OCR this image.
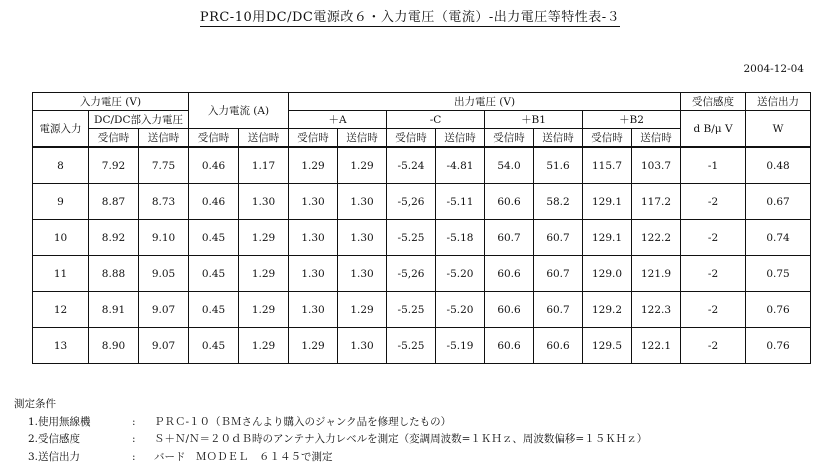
PRC-10用DC/DC電源改６・入力電圧（電流）-出力電圧等特性表-３
2004-12-04
入力電圧 (V)			入力電流 (A)		出力電圧 (V)								受信感度	送信出力
電源入力	DC/DC部入力電圧				＋A		-C		＋B1		＋B2		d B/μ V	W
	受信時	送信時	受信時	送信時	受信時	送信時	受信時	送信時	受信時	送信時	受信時	送信時		
8	7.92	7.75	0.46	1.17	1.29	1.29	-5.24	-4.81	54.0	51.6	115.7	103.7	-1	0.48
9	8.87	8.73	0.46	1.30	1.30	1.30	-5,26	-5.11	60.6	58.2	129.1	117.2	-2	0.67
10	8.92	9.10	0.45	1.29	1.30	1.30	-5.25	-5.18	60.7	60.7	129.1	122.2	-2	0.74
11	8.88	9.05	0.45	1.29	1.30	1.30	-5,26	-5.20	60.6	60.7	129.0	121.9	-2	0.75
12	8.91	9.07	0.45	1.29	1.30	1.29	-5.25	-5.20	60.6	60.7	129.2	122.3	-2	0.76
13	8.90	9.07	0.45	1.29	1.29	1.30	-5.25	-5.19	60.6	60.6	129.5	122.1	-2	0.76
測定条件
1.使用無線機	: ＰＲＣ-１０（ＢＭさんより購入のジャンク品を修理したもの）
2.受信感度	: Ｓ＋Ｎ/Ｎ＝２０ｄＢ時のアンテナ入力レベルを測定（変調周波数=１ＫＨｚ、周波数偏移=１５ＫＨｚ）
3.送信出力	: バード　ＭＯＤＥＬ　６１４５で測定
